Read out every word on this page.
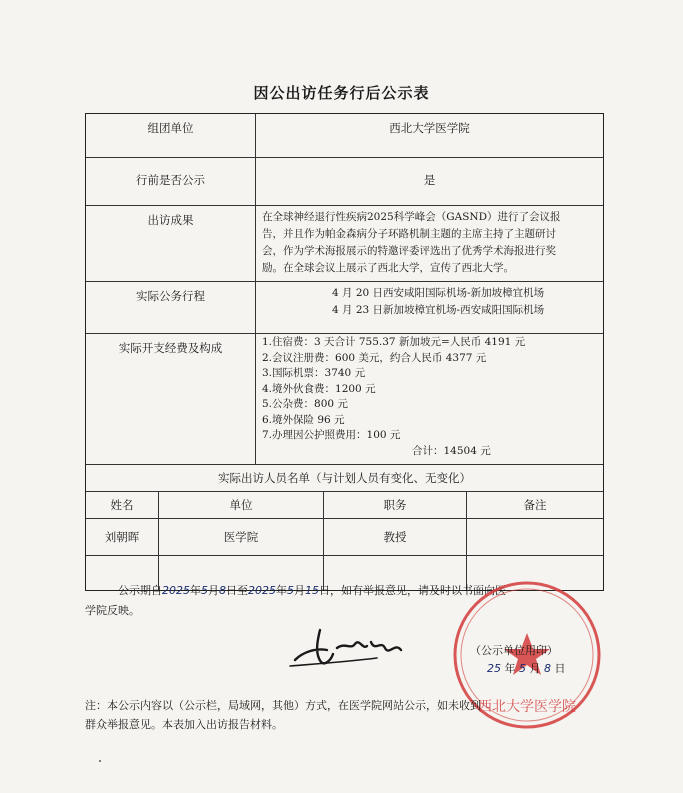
因公出访任务行后公示表
组团单位	西北大学医学院
行前是否公示	是
出访成果	在全球神经退行性疾病2025科学峰会（GASND）进行了会议报
告，并且作为帕金森病分子环路机制主题的主席主持了主题研讨
会，作为学术海报展示的特邀评委评选出了优秀学术海报进行奖
励。在全球会议上展示了西北大学，宣传了西北大学。
实际公务行程	4 月 20 日西安咸阳国际机场-新加坡樟宜机场
4 月 23 日新加坡樟宜机场-西安咸阳国际机场
实际开支经费及构成	1.住宿费：3 天合计 755.37 新加坡元=人民币 4191 元
2.会议注册费：600 美元，约合人民币 4377 元
3.国际机票：3740 元
4.境外伙食费：1200 元
5.公杂费：800 元
6.境外保险 96 元
7.办理因公护照费用：100 元
合计：14504 元
实际出访人员名单（与计划人员有变化、无变化）
姓名	单位	职务	备注
刘朝晖	医学院	教授
公示期自2025年5月8日至2025年5月15日，如有举报意见，请及时以书面向医
学院反映。
西北大学医学院
（公示单位用印）
25 年 5 月 8 日
注：本公示内容以（公示栏，局域网，其他）方式，在医学院网站公示，如未收到
群众举报意见。本表加入出访报告材料。
